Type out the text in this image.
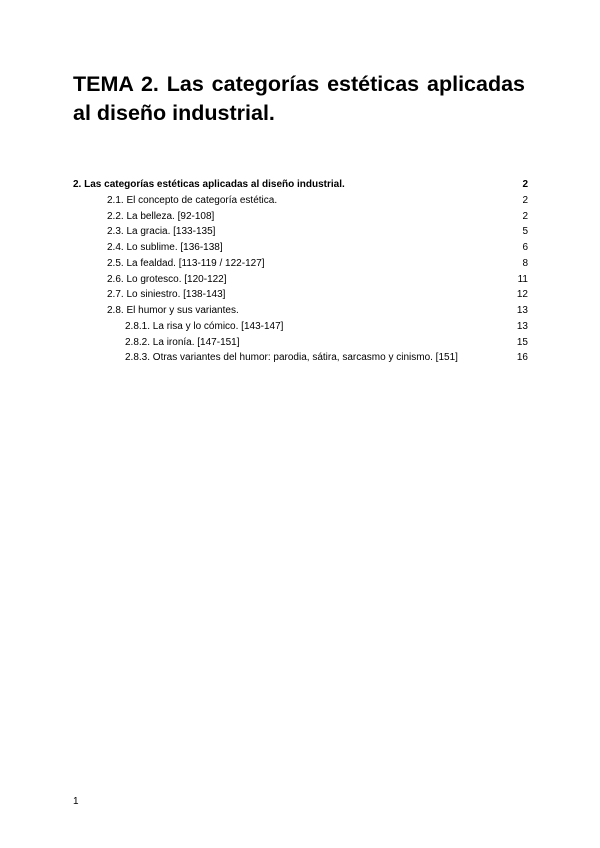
TEMA 2. Las categorías estéticas aplicadas al diseño industrial.
2. Las categorías estéticas aplicadas al diseño industrial.	2
2.1. El concepto de categoría estética.	2
2.2. La belleza. [92-108]	2
2.3. La gracia. [133-135]	5
2.4. Lo sublime. [136-138]	6
2.5. La fealdad. [113-119 / 122-127]	8
2.6. Lo grotesco. [120-122]	11
2.7. Lo siniestro. [138-143]	12
2.8. El humor y sus variantes.	13
2.8.1. La risa y lo cómico. [143-147]	13
2.8.2. La ironía. [147-151]	15
2.8.3. Otras variantes del humor: parodia, sátira, sarcasmo y cinismo. [151]	16
1
